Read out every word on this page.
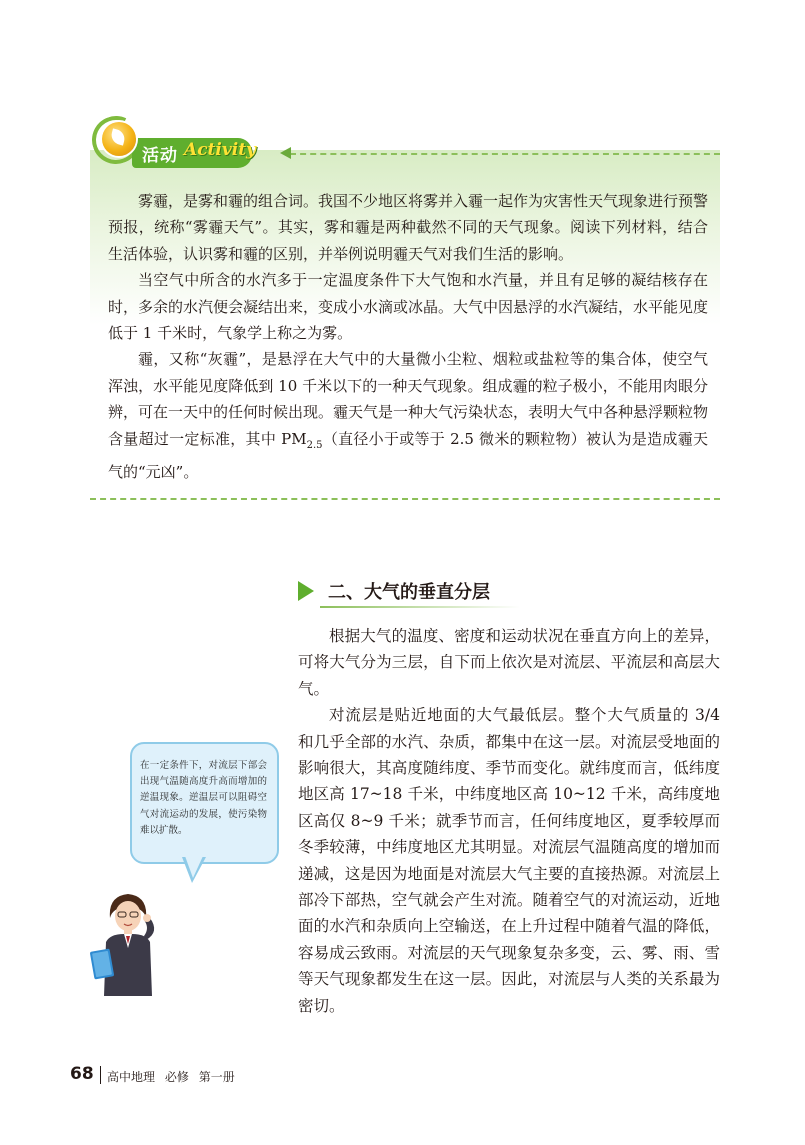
活动 Activity

雾霾，是雾和霾的组合词。我国不少地区将雾并入霾一起作为灾害性天气现象进行预警预报，统称“雾霾天气”。其实，雾和霾是两种截然不同的天气现象。阅读下列材料，结合生活体验，认识雾和霾的区别，并举例说明霾天气对我们生活的影响。

当空气中所含的水汽多于一定温度条件下大气饱和水汽量，并且有足够的凝结核存在时，多余的水汽便会凝结出来，变成小水滴或冰晶。大气中因悬浮的水汽凝结，水平能见度低于 1 千米时，气象学上称之为雾。

霾，又称“灰霾”，是悬浮在大气中的大量微小尘粒、烟粒或盐粒等的集合体，使空气浑浊，水平能见度降低到 10 千米以下的一种天气现象。组成霾的粒子极小，不能用肉眼分辨，可在一天中的任何时候出现。霾天气是一种大气污染状态，表明大气中各种悬浮颗粒物含量超过一定标准，其中 $PM_{2.5}$（直径小于或等于 2.5 微米的颗粒物）被认为是造成霾天气的“元凶”。

二、大气的垂直分层

根据大气的温度、密度和运动状况在垂直方向上的差异，可将大气分为三层，自下而上依次是对流层、平流层和高层大气。

对流层是贴近地面的大气最低层。整个大气质量的 3/4 和几乎全部的水汽、杂质，都集中在这一层。对流层受地面的影响很大，其高度随纬度、季节而变化。就纬度而言，低纬度地区高 17~18 千米，中纬度地区高 10~12 千米，高纬度地区高仅 8~9 千米；就季节而言，任何纬度地区，夏季较厚而冬季较薄，中纬度地区尤其明显。对流层气温随高度的增加而递减，这是因为地面是对流层大气主要的直接热源。对流层上部冷下部热，空气就会产生对流。随着空气的对流运动，近地面的水汽和杂质向上空输送，在上升过程中随着气温的降低，容易成云致雨。对流层的天气现象复杂多变，云、雾、雨、雪等天气现象都发生在这一层。因此，对流层与人类的关系最为密切。

在一定条件下，对流层下部会出现气温随高度升高而增加的逆温现象。逆温层可以阻碍空气对流运动的发展，使污染物难以扩散。
68 高中地理 必修 第一册
